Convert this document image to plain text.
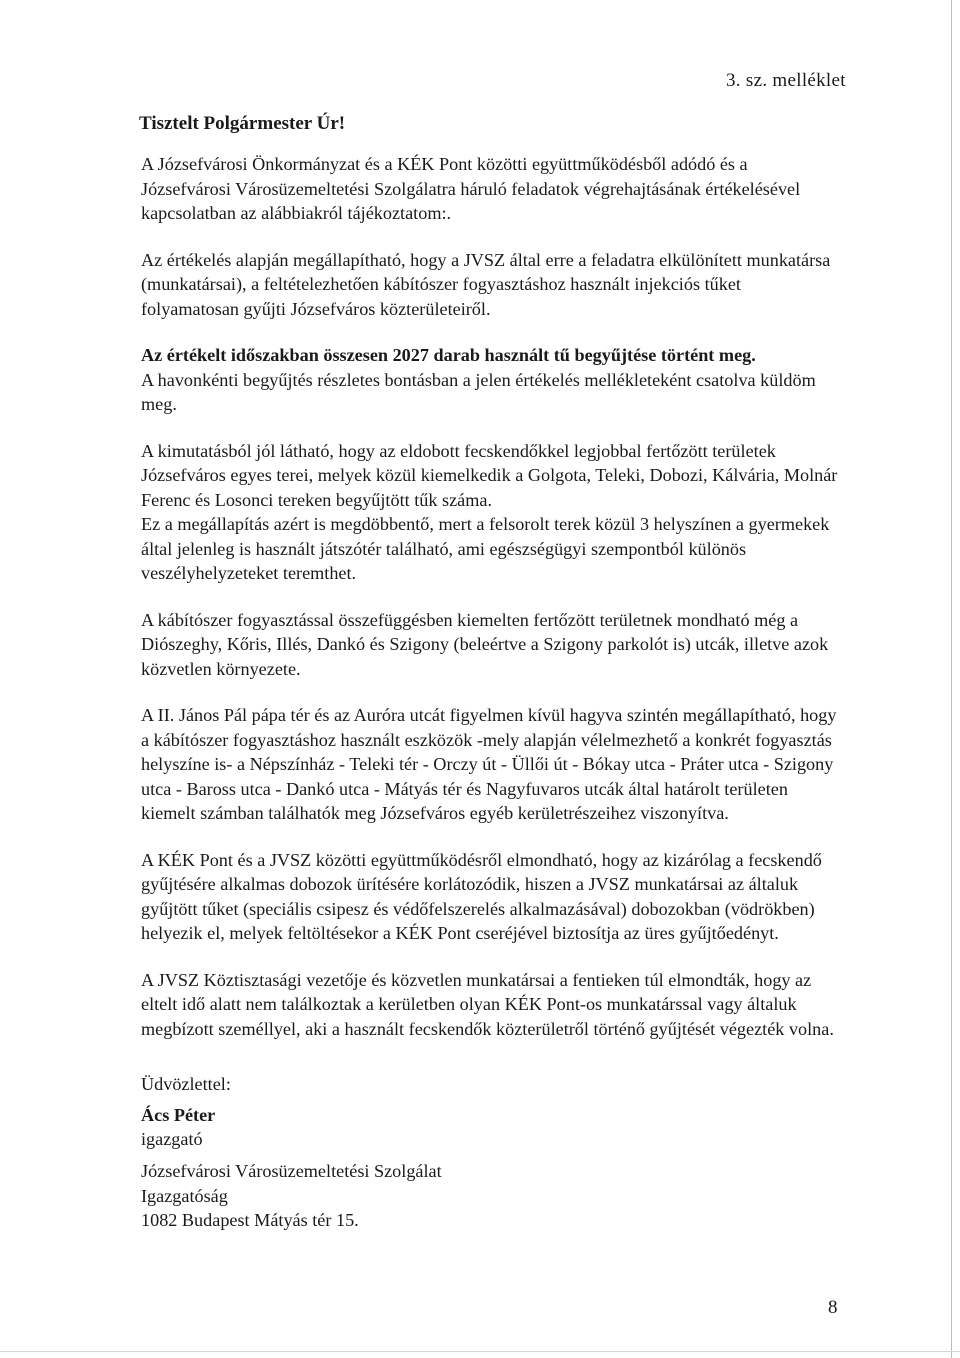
3. sz. melléklet
Tisztelt Polgármester Úr!

A Józsefvárosi Önkormányzat és a KÉK Pont közötti együttműködésből adódó és a Józsefvárosi Városüzemeltetési Szolgálatra háruló feladatok végrehajtásának értékelésével kapcsolatban az alábbiakról tájékoztatom:.

Az értékelés alapján megállapítható, hogy a JVSZ által erre a feladatra elkülönített munkatársa (munkatársai), a feltételezhetően kábítószer fogyasztáshoz használt injekciós tűket folyamatosan gyűjti Józsefváros közterületeiről.

Az értékelt időszakban összesen 2027 darab használt tű begyűjtése történt meg.

A havonkénti begyűjtés részletes bontásban a jelen értékelés mellékleteként csatolva küldöm meg.

A kimutatásból jól látható, hogy az eldobott fecskendőkkel legjobbal fertőzött területek Józsefváros egyes terei, melyek közül kiemelkedik a Golgota, Teleki, Dobozi, Kálvária, Molnár Ferenc és Losonci tereken begyűjtött tűk száma.

Ez a megállapítás azért is megdöbbentő, mert a felsorolt terek közül 3 helyszínen a gyermekek által jelenleg is használt játszótér található, ami egészségügyi szempontból különös veszélyhelyzeteket teremthet.

A kábítószer fogyasztással összefüggésben kiemelten fertőzött területnek mondható még a Diószeghy, Kőris, Illés, Dankó és Szigony (beleértve a Szigony parkolót is) utcák, illetve azok közvetlen környezete.

A II. János Pál pápa tér és az Auróra utcát figyelmen kívül hagyva szintén megállapítható, hogy a kábítószer fogyasztáshoz használt eszközök -mely alapján vélelmezhető a konkrét fogyasztás helyszíne is- a Népszínház - Teleki tér - Orczy út - Üllői út - Bókay utca - Práter utca - Szigony utca - Baross utca - Dankó utca - Mátyás tér és Nagyfuvaros utcák által határolt területen kiemelt számban találhatók meg Józsefváros egyéb kerületrészeihez viszonyítva.

A KÉK Pont és a JVSZ közötti együttműködésről elmondható, hogy az kizárólag a fecskendő gyűjtésére alkalmas dobozok ürítésére korlátozódik, hiszen a JVSZ munkatársai az általuk gyűjtött tűket (speciális csipesz és védőfelszerelés alkalmazásával) dobozokban (vödrökben) helyezik el, melyek feltöltésekor a KÉK Pont cseréjével biztosítja az üres gyűjtőedényt.

A JVSZ Köztisztasági vezetője és közvetlen munkatársai a fentieken túl elmondták, hogy az eltelt idő alatt nem találkoztak a kerületben olyan KÉK Pont-os munkatárssal vagy általuk megbízott személlyel, aki a használt fecskendők közterületről történő gyűjtését végezték volna.

Üdvözlettel:
Ács Péter
igazgató
Józsefvárosi Városüzemeltetési Szolgálat
Igazgatóság
1082 Budapest Mátyás tér 15.
8
